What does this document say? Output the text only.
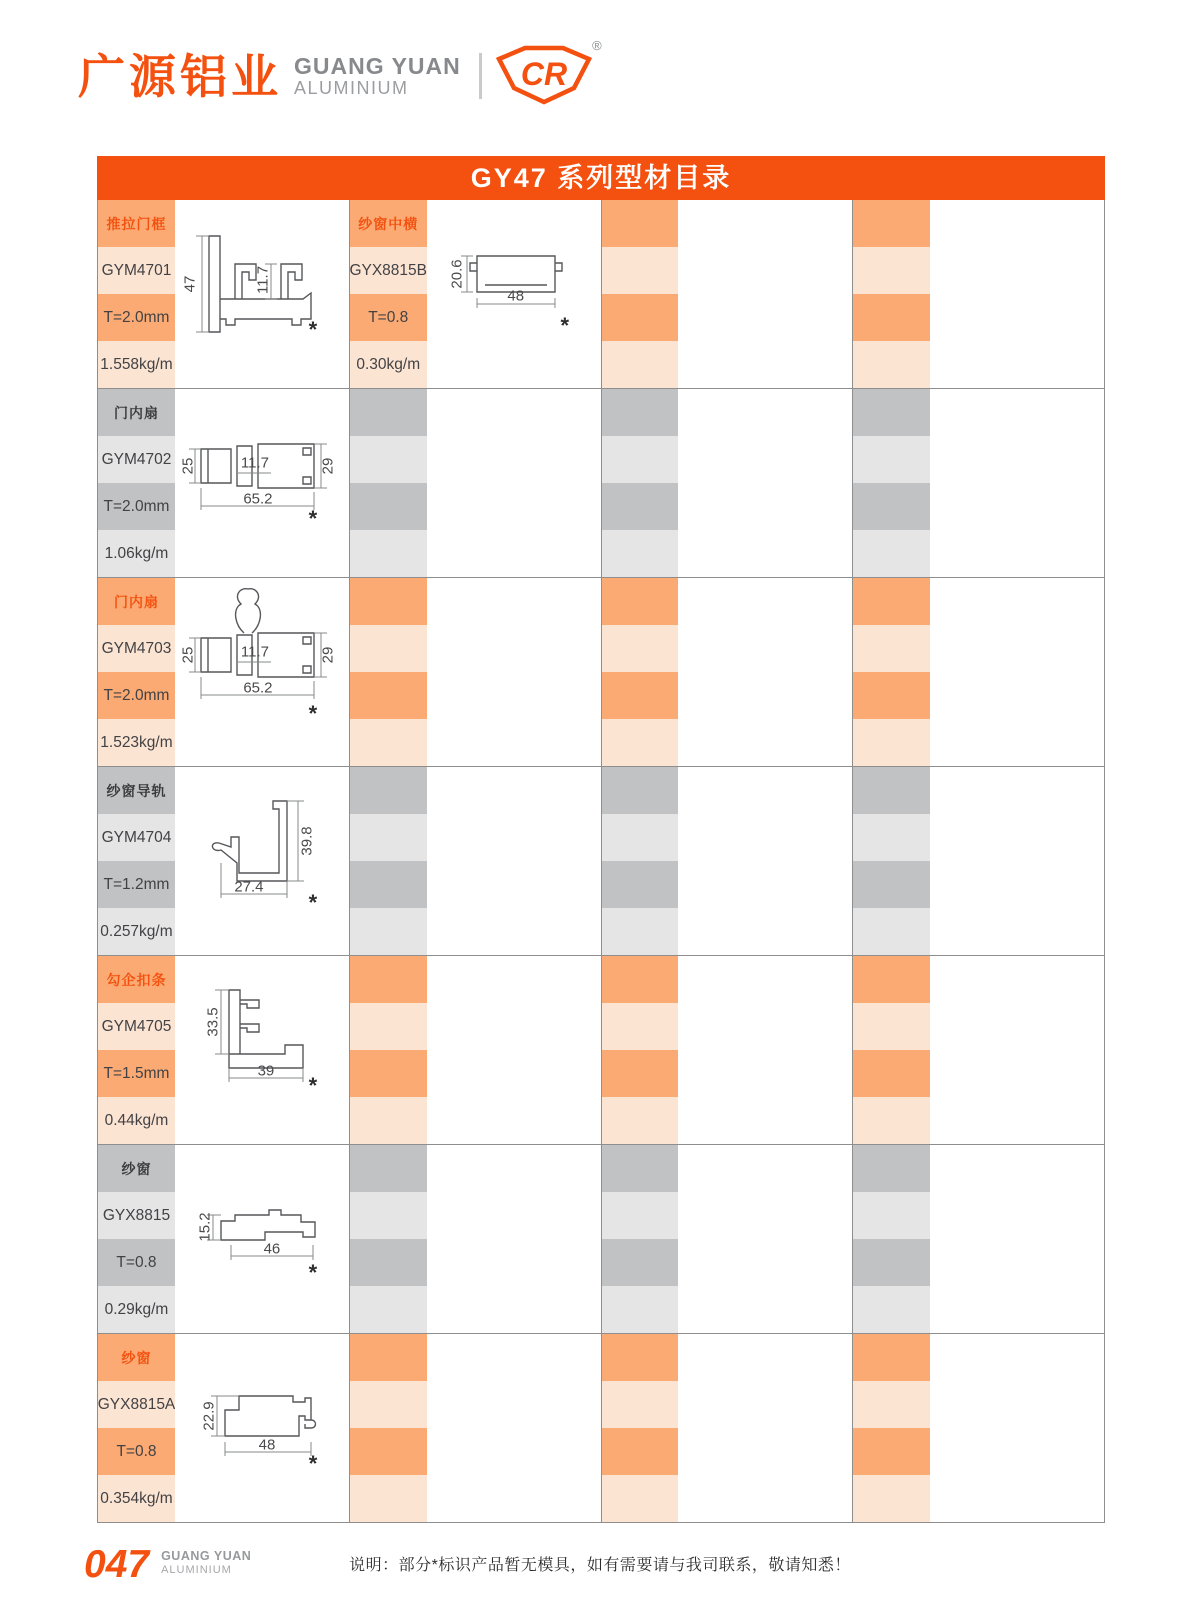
广源铝业 GUANG YUAN
ALUMINIUM	CR
®
GY47 系列型材目录
推拉门框
GYM4701
T=2.0mm
1.558kg/m
47	11.7
*
纱窗中横
GYX8815B
T=0.8
0.30kg/m
20.6
48
*
门内扇
GYM4702
T=2.0mm
1.06kg/m
25	11.7	29
65.2
*
门内扇
GYM4703
T=2.0mm
1.523kg/m
25	11.7	29
65.2
*
纱窗导轨
GYM4704
T=1.2mm
0.257kg/m
39.8
27.4
*
勾企扣条
GYM4705
T=1.5mm
0.44kg/m
33.5
39
*
纱窗
GYX8815
T=0.8
0.29kg/m
15.2
46
*
纱窗
GYX8815A
T=0.8
0.354kg/m
22.9
48
*
047 GUANG YUAN
ALUMINIUM	说明：部分*标识产品暂无模具，如有需要请与我司联系，敬请知悉！
